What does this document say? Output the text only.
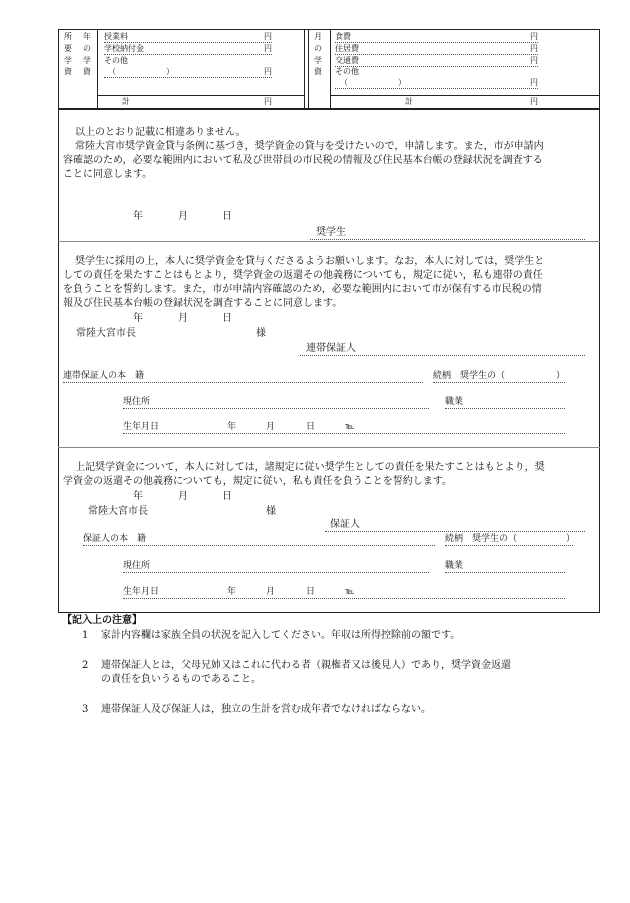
所 年
要 の
学 学
資 資
授業料	円
学校納付金	円
その他
（	）	円
計	円
月
の
学
資
食費	円
住居費	円
交通費	円
その他
（	）	円
計	円
以上のとおり記載に相違ありません。
常陸大宮市奨学資金貸与条例に基づき，奨学資金の貸与を受けたいので，申請します。また，市が申請内
容確認のため，必要な範囲内において私及び世帯員の市民税の情報及び住民基本台帳の登録状況を調査する
ことに同意します。
年	月	日
奨学生
奨学生に採用の上，本人に奨学資金を貸与くださるようお願いします。なお，本人に対しては，奨学生と
しての責任を果たすことはもとより，奨学資金の返還その他義務についても，規定に従い，私も連帯の責任
を負うことを誓約します。また，市が申請内容確認のため，必要な範囲内において市が保有する市民税の情
報及び住民基本台帳の登録状況を調査することに同意します。
年	月	日
常陸大宮市長	様
連帯保証人
連帯保証人の本　籍	続柄　奨学生の（	）
現住所	職業
生年月日	年	月	日	℡
上記奨学資金について，本人に対しては，諸規定に従い奨学生としての責任を果たすことはもとより，奨
学資金の返還その他義務についても，規定に従い，私も責任を負うことを誓約します。
年	月	日
常陸大宮市長	様
保証人
保証人の本　籍	続柄　奨学生の（	）
現住所	職業
生年月日	年	月	日	℡
【記入上の注意】
1 家計内容欄は家族全員の状況を記入してください。年収は所得控除前の額です。
2 連帯保証人とは，父母兄姉又はこれに代わる者（親権者又は後見人）であり，奨学資金返還
の責任を負いうるものであること。
3 連帯保証人及び保証人は，独立の生計を営む成年者でなければならない。
